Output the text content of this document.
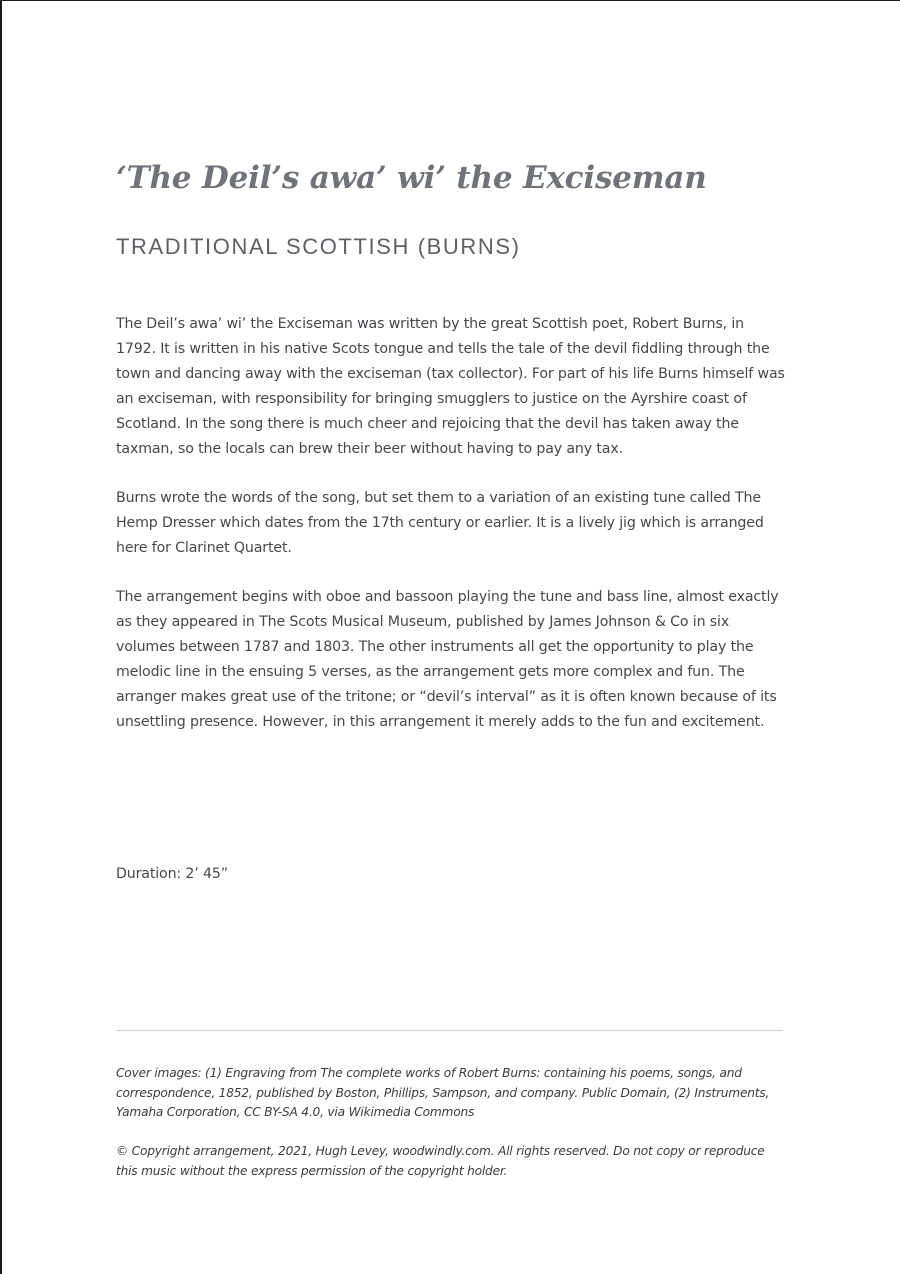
‘The Deil’s awa’ wi’ the Exciseman
TRADITIONAL SCOTTISH (BURNS)

The Deil’s awa’ wi’ the Exciseman was written by the great Scottish poet, Robert Burns, in 1792. It is written in his native Scots tongue and tells the tale of the devil fiddling through the town and dancing away with the exciseman (tax collector). For part of his life Burns himself was an exciseman, with responsibility for bringing smugglers to justice on the Ayrshire coast of Scotland. In the song there is much cheer and rejoicing that the devil has taken away the taxman, so the locals can brew their beer without having to pay any tax.

Burns wrote the words of the song, but set them to a variation of an existing tune called The Hemp Dresser which dates from the 17th century or earlier. It is a lively jig which is arranged here for Clarinet Quartet.

The arrangement begins with oboe and bassoon playing the tune and bass line, almost exactly as they appeared in The Scots Musical Museum, published by James Johnson & Co in six volumes between 1787 and 1803. The other instruments all get the opportunity to play the melodic line in the ensuing 5 verses, as the arrangement gets more complex and fun. The arranger makes great use of the tritone; or “devil’s interval” as it is often known because of its unsettling presence. However, in this arrangement it merely adds to the fun and excitement.

Duration: 2’ 45”
Cover images: (1) Engraving from The complete works of Robert Burns: containing his poems, songs, and correspondence, 1852, published by Boston, Phillips, Sampson, and company. Public Domain, (2) Instruments, Yamaha Corporation, CC BY-SA 4.0, via Wikimedia Commons
© Copyright arrangement, 2021, Hugh Levey, woodwindly.com. All rights reserved. Do not copy or reproduce this music without the express permission of the copyright holder.
